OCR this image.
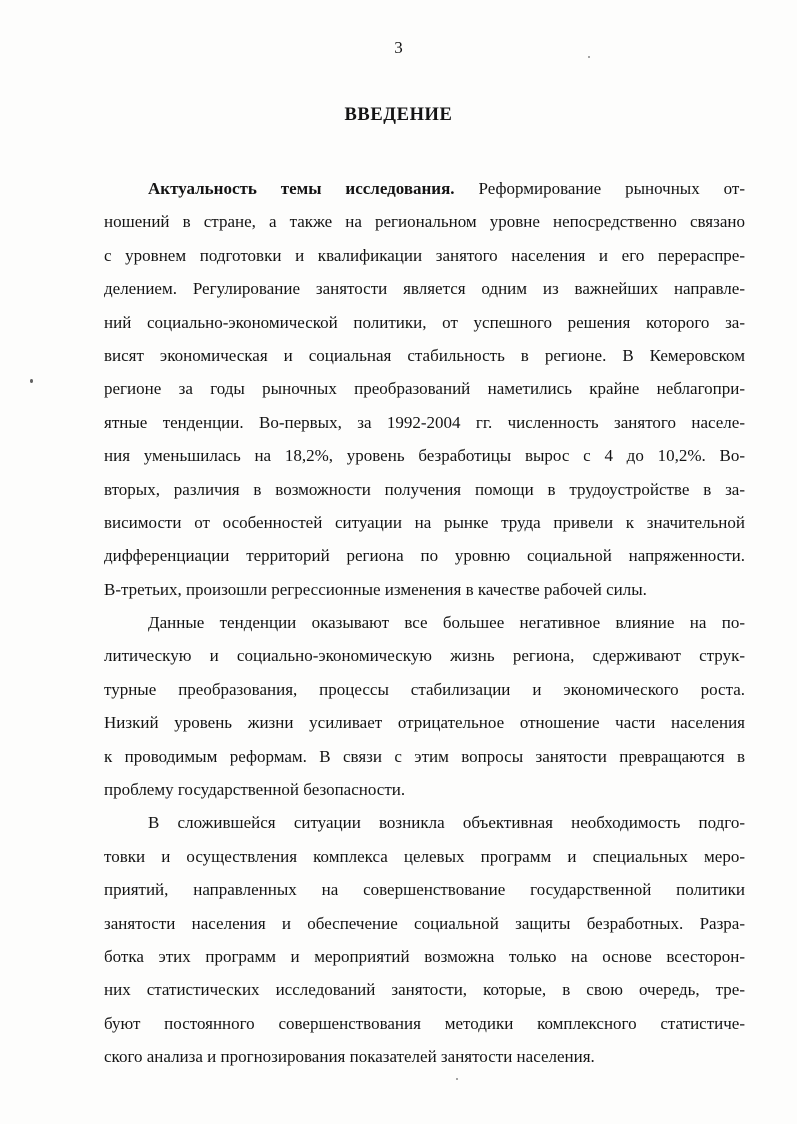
3
ВВЕДЕНИЕ
Актуальность темы исследования. Реформирование рыночных от-
ношений в стране, а также на региональном уровне непосредственно связано
с уровнем подготовки и квалификации занятого населения и его перераспре-
делением. Регулирование занятости является одним из важнейших направле-
ний социально-экономической политики, от успешного решения которого за-
висят экономическая и социальная стабильность в регионе. В Кемеровском
регионе за годы рыночных преобразований наметились крайне неблагопри-
ятные тенденции. Во-первых, за 1992-2004 гг. численность занятого населе-
ния уменьшилась на 18,2%, уровень безработицы вырос с 4 до 10,2%. Во-
вторых, различия в возможности получения помощи в трудоустройстве в за-
висимости от особенностей ситуации на рынке труда привели к значительной
дифференциации территорий региона по уровню социальной напряженности.
В-третьих, произошли регрессионные изменения в качестве рабочей силы.
Данные тенденции оказывают все большее негативное влияние на по-
литическую и социально-экономическую жизнь региона, сдерживают струк-
турные преобразования, процессы стабилизации и экономического роста.
Низкий уровень жизни усиливает отрицательное отношение части населения
к проводимым реформам. В связи с этим вопросы занятости превращаются в
проблему государственной безопасности.
В сложившейся ситуации возникла объективная необходимость подго-
товки и осуществления комплекса целевых программ и специальных меро-
приятий, направленных на совершенствование государственной политики
занятости населения и обеспечение социальной защиты безработных. Разра-
ботка этих программ и мероприятий возможна только на основе всесторон-
них статистических исследований занятости, которые, в свою очередь, тре-
буют постоянного совершенствования методики комплексного статистиче-
ского анализа и прогнозирования показателей занятости населения.
